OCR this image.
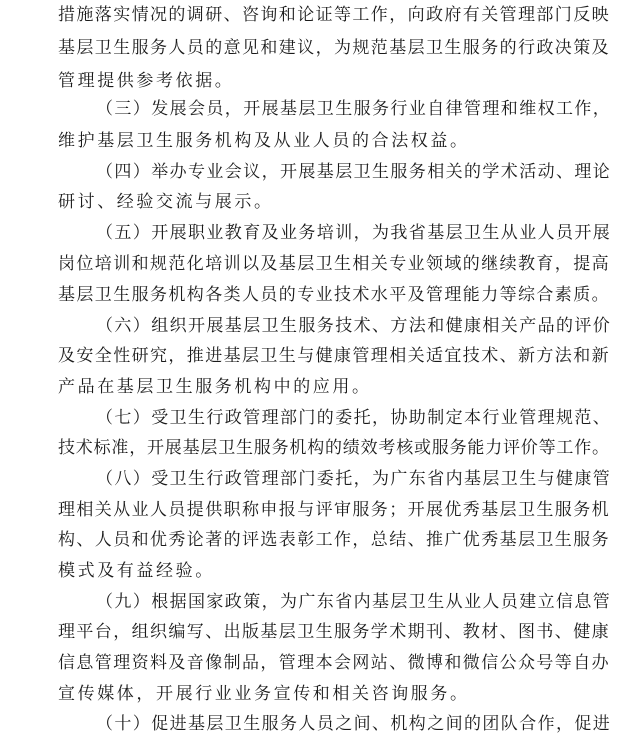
措施落实情况的调研、咨询和论证等工作，向政府有关管理部门反映
基层卫生服务人员的意见和建议，为规范基层卫生服务的行政决策及
管理提供参考依据。
（三）发展会员，开展基层卫生服务行业自律管理和维权工作，
维护基层卫生服务机构及从业人员的合法权益。
（四）举办专业会议，开展基层卫生服务相关的学术活动、理论
研讨、经验交流与展示。
（五）开展职业教育及业务培训，为我省基层卫生从业人员开展
岗位培训和规范化培训以及基层卫生相关专业领域的继续教育，提高
基层卫生服务机构各类人员的专业技术水平及管理能力等综合素质。
（六）组织开展基层卫生服务技术、方法和健康相关产品的评价
及安全性研究，推进基层卫生与健康管理相关适宜技术、新方法和新
产品在基层卫生服务机构中的应用。
（七）受卫生行政管理部门的委托，协助制定本行业管理规范、
技术标准，开展基层卫生服务机构的绩效考核或服务能力评价等工作。
（八）受卫生行政管理部门委托，为广东省内基层卫生与健康管
理相关从业人员提供职称申报与评审服务；开展优秀基层卫生服务机
构、人员和优秀论著的评选表彰工作，总结、推广优秀基层卫生服务
模式及有益经验。
（九）根据国家政策，为广东省内基层卫生从业人员建立信息管
理平台，组织编写、出版基层卫生服务学术期刊、教材、图书、健康
信息管理资料及音像制品，管理本会网站、微博和微信公众号等自办
宣传媒体，开展行业业务宣传和相关咨询服务。
（十）促进基层卫生服务人员之间、机构之间的团队合作，促进
